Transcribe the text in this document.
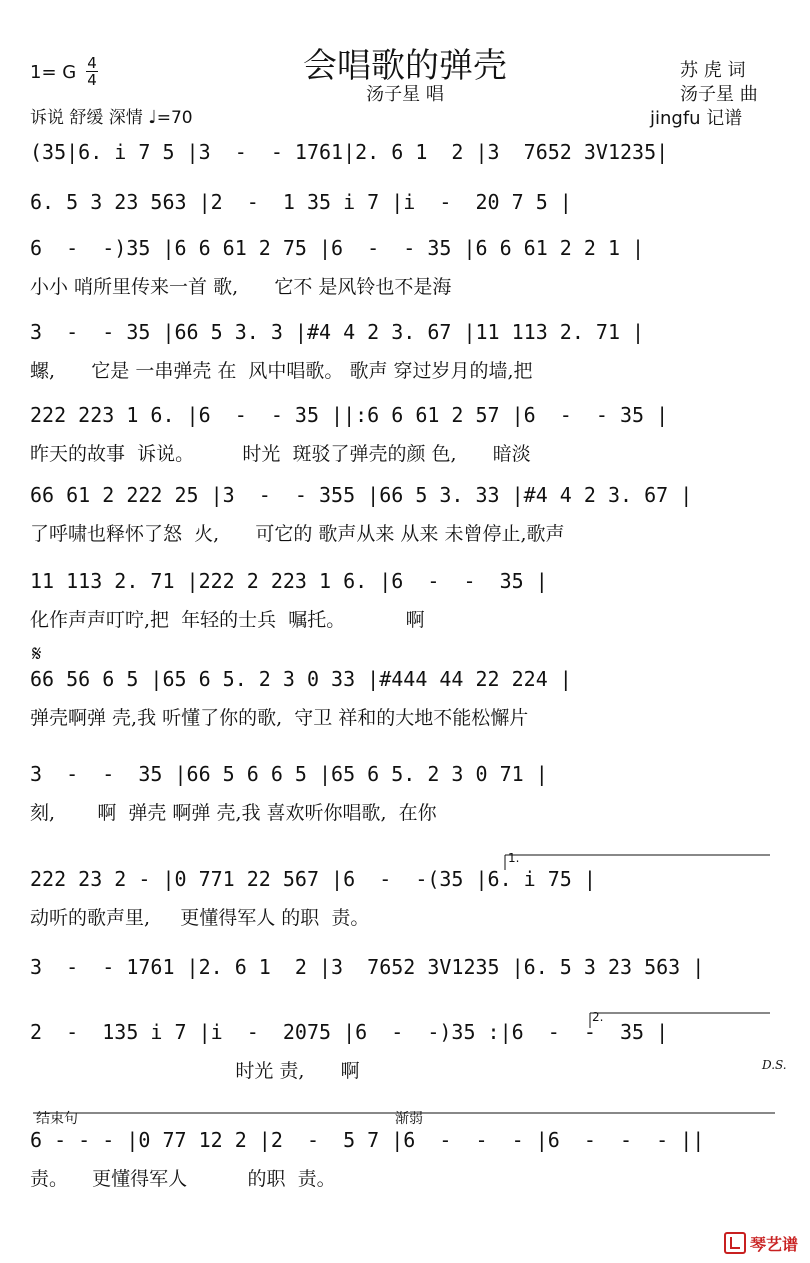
会唱歌的弹壳
汤子星 唱
苏 虎 词
汤子星 曲
jingfu 记谱
1= G 4
4
诉说 舒缓 深情 ♩=70
(35|6. i 7 5 |3  -  - 1761|2. 6 1  2 |3  7652 3V1235|
6. 5 3 23 563 |2  -  1 35 i 7 |i  -  20 7 5 |
6  -  -)35 |6 6 61 2 75 |6  -  - 35 |6 6 61 2 2 1 |
小小 哨所里传来一首 歌,      它不 是风铃也不是海
3  -  - 35 |66 5 3. 3 |#4 4 2 3. 67 |11 113 2. 71 |
螺,      它是 一串弹壳 在  风中唱歌。 歌声 穿过岁月的墙,把
222 223 1 6. |6  -  - 35 ||:6 6 61 2 57 |6  -  - 35 |
昨天的故事  诉说。        时光  斑驳了弹壳的颜 色,      暗淡
66 61 2 222 25 |3  -  - 355 |66 5 3. 33 |#4 4 2 3. 67 |
了呼啸也释怀了怒  火,      可它的 歌声从来 从来 未曾停止,歌声
11 113 2. 71 |222 2 223 1 6. |6  -  -  35 |
化作声声叮咛,把  年轻的士兵  嘱托。          啊
66 56 6 5 |65 6 5. 2 3 0 33 |#444 44 22 224 |
弹壳啊弹 壳,我 听懂了你的歌,  守卫 祥和的大地不能松懈片
3  -  -  35 |66 5 6 6 5 |65 6 5. 2 3 0 71 |
刻,       啊  弹壳 啊弹 壳,我 喜欢听你唱歌,  在你
222 23 2 - |0 771 22 567 |6  -  -(35 |6. i 75 |
动听的歌声里,     更懂得军人 的职  责。
3  -  - 1761 |2. 6 1  2 |3  7652 3V1235 |6. 5 3 23 563 |
2  -  135 i 7 |i  -  2075 |6  -  -)35 :|6  -  -  35 |
时光 责,      啊
6 - - - |0 77 12 2 |2  -  5 7 |6  -  -  - |6  -  -  - ||
责。    更懂得军人          的职  责。
𝄋
D.S.
结束句	渐弱
1.
2.
琴艺谱
